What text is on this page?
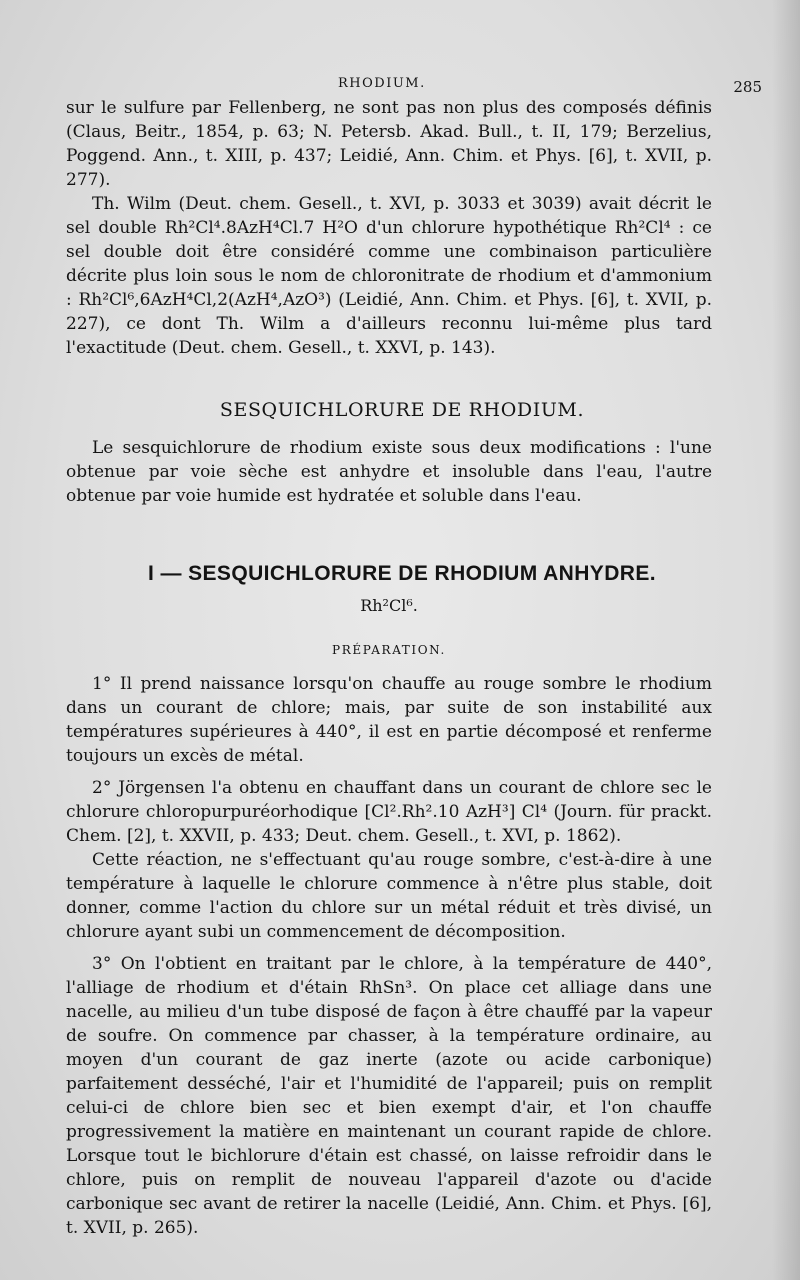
RHODIUM.	285

sur le sulfure par Fellenberg, ne sont pas non plus des composés définis (Claus, Beitr., 1854, p. 63; N. Petersb. Akad. Bull., t. II, 179; Berzelius, Poggend. Ann., t. XIII, p. 437; Leidié, Ann. Chim. et Phys. [6], t. XVII, p. 277).

Th. Wilm (Deut. chem. Gesell., t. XVI, p. 3033 et 3039) avait décrit le sel double Rh²Cl⁴.8AzH⁴Cl.7 H²O d'un chlorure hypothétique Rh²Cl⁴ : ce sel double doit être considéré comme une combinaison particulière décrite plus loin sous le nom de chloronitrate de rhodium et d'ammonium : Rh²Cl⁶,6AzH⁴Cl,2(AzH⁴,AzO³) (Leidié, Ann. Chim. et Phys. [6], t. XVII, p. 227), ce dont Th. Wilm a d'ailleurs reconnu lui-même plus tard l'exactitude (Deut. chem. Gesell., t. XXVI, p. 143).

SESQUICHLORURE DE RHODIUM.

Le sesquichlorure de rhodium existe sous deux modifications : l'une obtenue par voie sèche est anhydre et insoluble dans l'eau, l'autre obtenue par voie humide est hydratée et soluble dans l'eau.

I — SESQUICHLORURE DE RHODIUM ANHYDRE.

Rh²Cl⁶.
PRÉPARATION.

1° Il prend naissance lorsqu'on chauffe au rouge sombre le rhodium dans un courant de chlore; mais, par suite de son instabilité aux températures supérieures à 440°, il est en partie décomposé et renferme toujours un excès de métal.

2° Jörgensen l'a obtenu en chauffant dans un courant de chlore sec le chlorure chloropurpuréorhodique [Cl².Rh².10 AzH³] Cl⁴ (Journ. für prackt. Chem. [2], t. XXVII, p. 433; Deut. chem. Gesell., t. XVI, p. 1862).

Cette réaction, ne s'effectuant qu'au rouge sombre, c'est-à-dire à une température à laquelle le chlorure commence à n'être plus stable, doit donner, comme l'action du chlore sur un métal réduit et très divisé, un chlorure ayant subi un commencement de décomposition.

3° On l'obtient en traitant par le chlore, à la température de 440°, l'alliage de rhodium et d'étain RhSn³. On place cet alliage dans une nacelle, au milieu d'un tube disposé de façon à être chauffé par la vapeur de soufre. On commence par chasser, à la température ordinaire, au moyen d'un courant de gaz inerte (azote ou acide carbonique) parfaitement desséché, l'air et l'humidité de l'appareil; puis on remplit celui-ci de chlore bien sec et bien exempt d'air, et l'on chauffe progressivement la matière en maintenant un courant rapide de chlore. Lorsque tout le bichlorure d'étain est chassé, on laisse refroidir dans le chlore, puis on remplit de nouveau l'appareil d'azote ou d'acide carbonique sec avant de retirer la nacelle (Leidié, Ann. Chim. et Phys. [6], t. XVII, p. 265).
